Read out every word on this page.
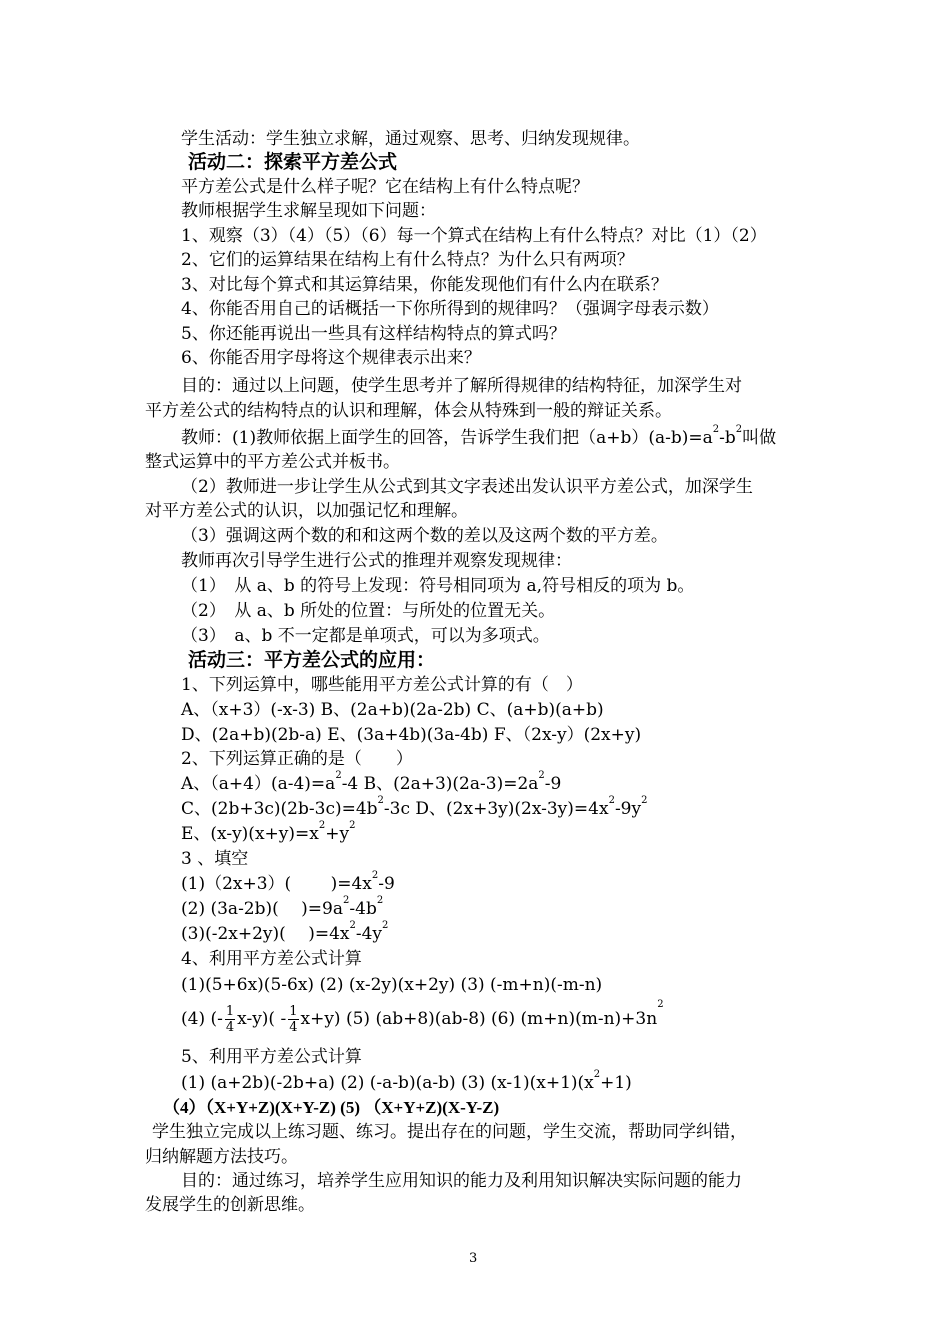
学生活动：学生独立求解，通过观察、思考、归纳发现规律。
活动二：探索平方差公式
平方差公式是什么样子呢？它在结构上有什么特点呢？
教师根据学生求解呈现如下问题：
1、观察（3）（4）（5）（6）每一个算式在结构上有什么特点？对比（1）（2）
2、它们的运算结果在结构上有什么特点？为什么只有两项？
3、对比每个算式和其运算结果，你能发现他们有什么内在联系？
4、你能否用自己的话概括一下你所得到的规律吗？（强调字母表示数）
5、你还能再说出一些具有这样结构特点的算式吗？
6、你能否用字母将这个规律表示出来？
目的：通过以上问题，使学生思考并了解所得规律的结构特征，加深学生对
平方差公式的结构特点的认识和理解，体会从特殊到一般的辩证关系。
教师：(1)教师依据上面学生的回答，告诉学生我们把$(a+b)(a-b)=a^2-b^2$叫做
整式运算中的平方差公式并板书。
（2）教师进一步让学生从公式到其文字表述出发认识平方差公式，加深学生
对平方差公式的认识，以加强记忆和理解。
（3）强调这两个数的和和这两个数的差以及这两个数的平方差。
教师再次引导学生进行公式的推理并观察发现规律：
（1）　从 a、b 的符号上发现：符号相同项为 a,符号相反的项为 b。
（2）　从 a、b 所处的位置：与所处的位置无关。
（3）　a、b 不一定都是单项式，可以为多项式。
活动三：平方差公式的应用：
1、下列运算中，哪些能用平方差公式计算的有（　）
A、（x+3）(-x-3) B、(2a+b)(2a-2b) C、(a+b)(a+b)
D、(2a+b)(2b-a) E、(3a+4b)(3a-4b) F、（2x-y）(2x+y)
2、下列运算正确的是（　　）
A、$(a+4)(a-4)=a^2-4$ B、$(2a+3)(2a-3)=2a^2-9$
C、$(2b+3c)(2b-3c)=4b^2-3c$ D、$(2x+3y)(2x-3y)=4x^2-9y^2$
E、$(x-y)(x+y)=x^2+y^2$
3 、填空
(1)（2x+3）(　　 )$=4x^2-9$
(2) (3a-2b)(　 )$=9a^2-4b^2$
(3)(-2x+2y)(　 )$=4x^2-4y^2$
4、利用平方差公式计算
(1)(5+6x)(5-6x) (2) (x-2y)(x+2y) (3) (-m+n)(-m-n)
(4) (- $\frac{1}{4} x-y)( - \frac{1}{4} x+y)$ (5) (ab+8)(ab-8) (6) $(m+n)(m-n)+3n^2$
5、利用平方差公式计算
(1) (a+2b)(-2b+a) (2) (-a-b)(a-b) (3) $(x-1)(x+1)(x^2+1)$
（4）（X+Y+Z)(X+Y-Z) (5) （X+Y+Z)(X-Y-Z)
学生独立完成以上练习题、练习。提出存在的问题，学生交流，帮助同学纠错，
归纳解题方法技巧。
目的：通过练习，培养学生应用知识的能力及利用知识解决实际问题的能力
发展学生的创新思维。
3
